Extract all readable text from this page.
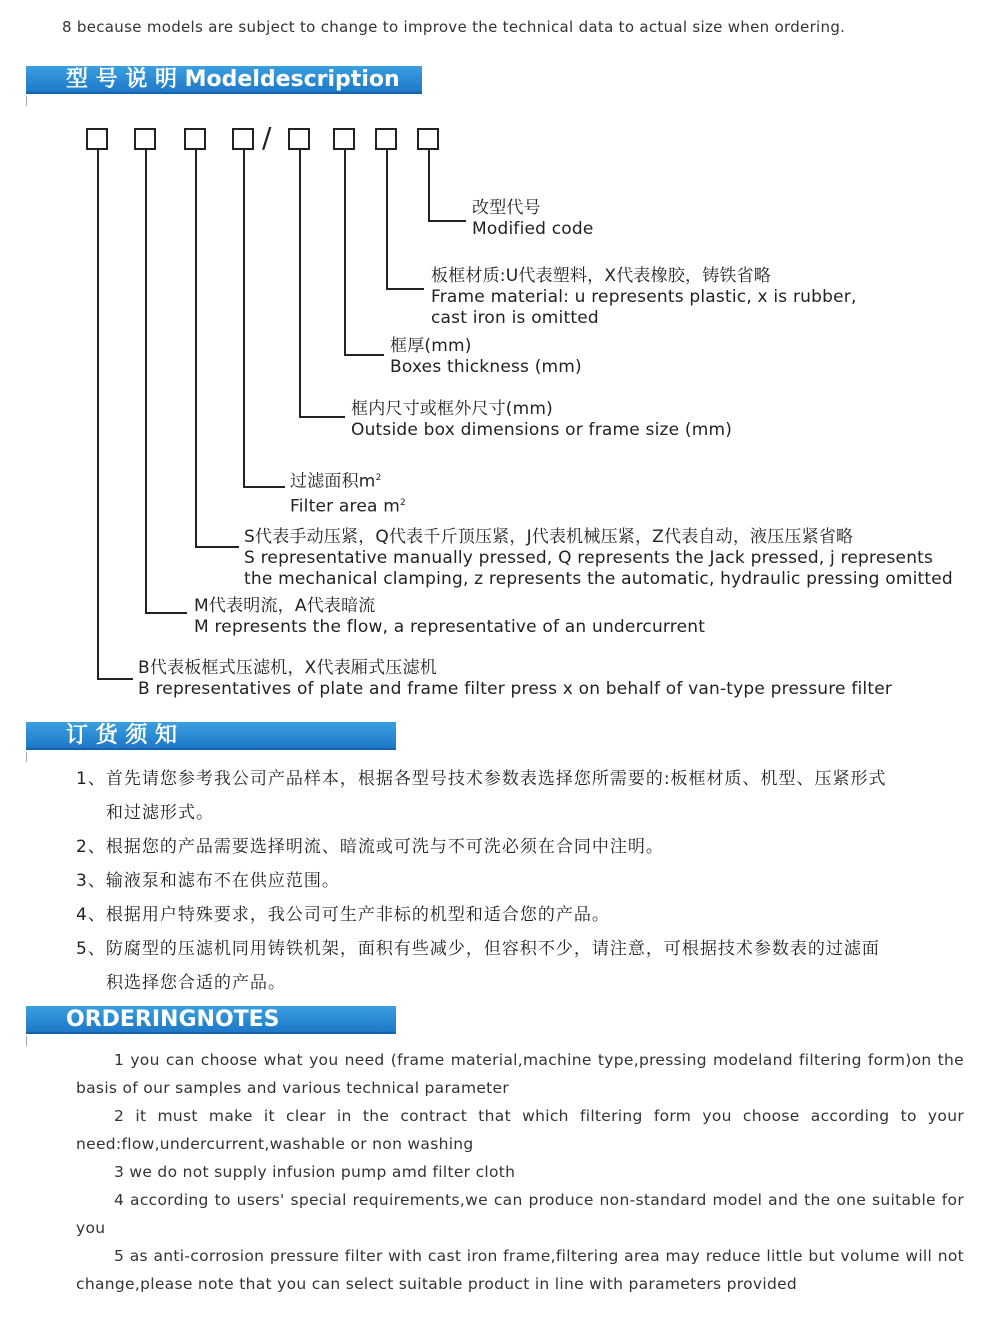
8 because models are subject to change to improve the technical data to actual size when ordering.
型 号 说 明 Modeldescription
/
改型代号
Modified code
板框材质:U代表塑料，X代表橡胶，铸铁省略
Frame material: u represents plastic, x is rubber,
cast iron is omitted
框厚(mm)
Boxes thickness (mm)
框内尺寸或框外尺寸(mm)
Outside box dimensions or frame size (mm)
过滤面积$m^2$
Filter area $m^2$
S代表手动压紧，Q代表千斤顶压紧，J代表机械压紧，Z代表自动，液压压紧省略
S representative manually pressed, Q represents the Jack pressed, j represents
the mechanical clamping, z represents the automatic, hydraulic pressing omitted
M代表明流，A代表暗流
M represents the flow, a representative of an undercurrent
B代表板框式压滤机，X代表厢式压滤机
B representatives of plate and frame filter press x on behalf of van-type pressure filter
订 货 须 知
1、首先请您参考我公司产品样本，根据各型号技术参数表选择您所需要的:板框材质、机型、压紧形式
和过滤形式。
2、根据您的产品需要选择明流、暗流或可洗与不可洗必须在合同中注明。
3、输液泵和滤布不在供应范围。
4、根据用户特殊要求，我公司可生产非标的机型和适合您的产品。
5、防腐型的压滤机同用铸铁机架，面积有些减少，但容积不少，请注意，可根据技术参数表的过滤面
积选择您合适的产品。
ORDERINGNOTES
1 you can choose what you need (frame material,machine type,pressing modeland filtering form)on the basis of our samples and various technical parameter
2 it must make it clear in the contract that which filtering form you choose according to your need:flow,undercurrent,washable or non washing
3 we do not supply infusion pump amd filter cloth
4 according to users' special requirements,we can produce non-standard model and the one suitable for you
5 as anti-corrosion pressure filter with cast iron frame,filtering area may reduce little but volume will not change,please note that you can select suitable product in line with parameters provided
